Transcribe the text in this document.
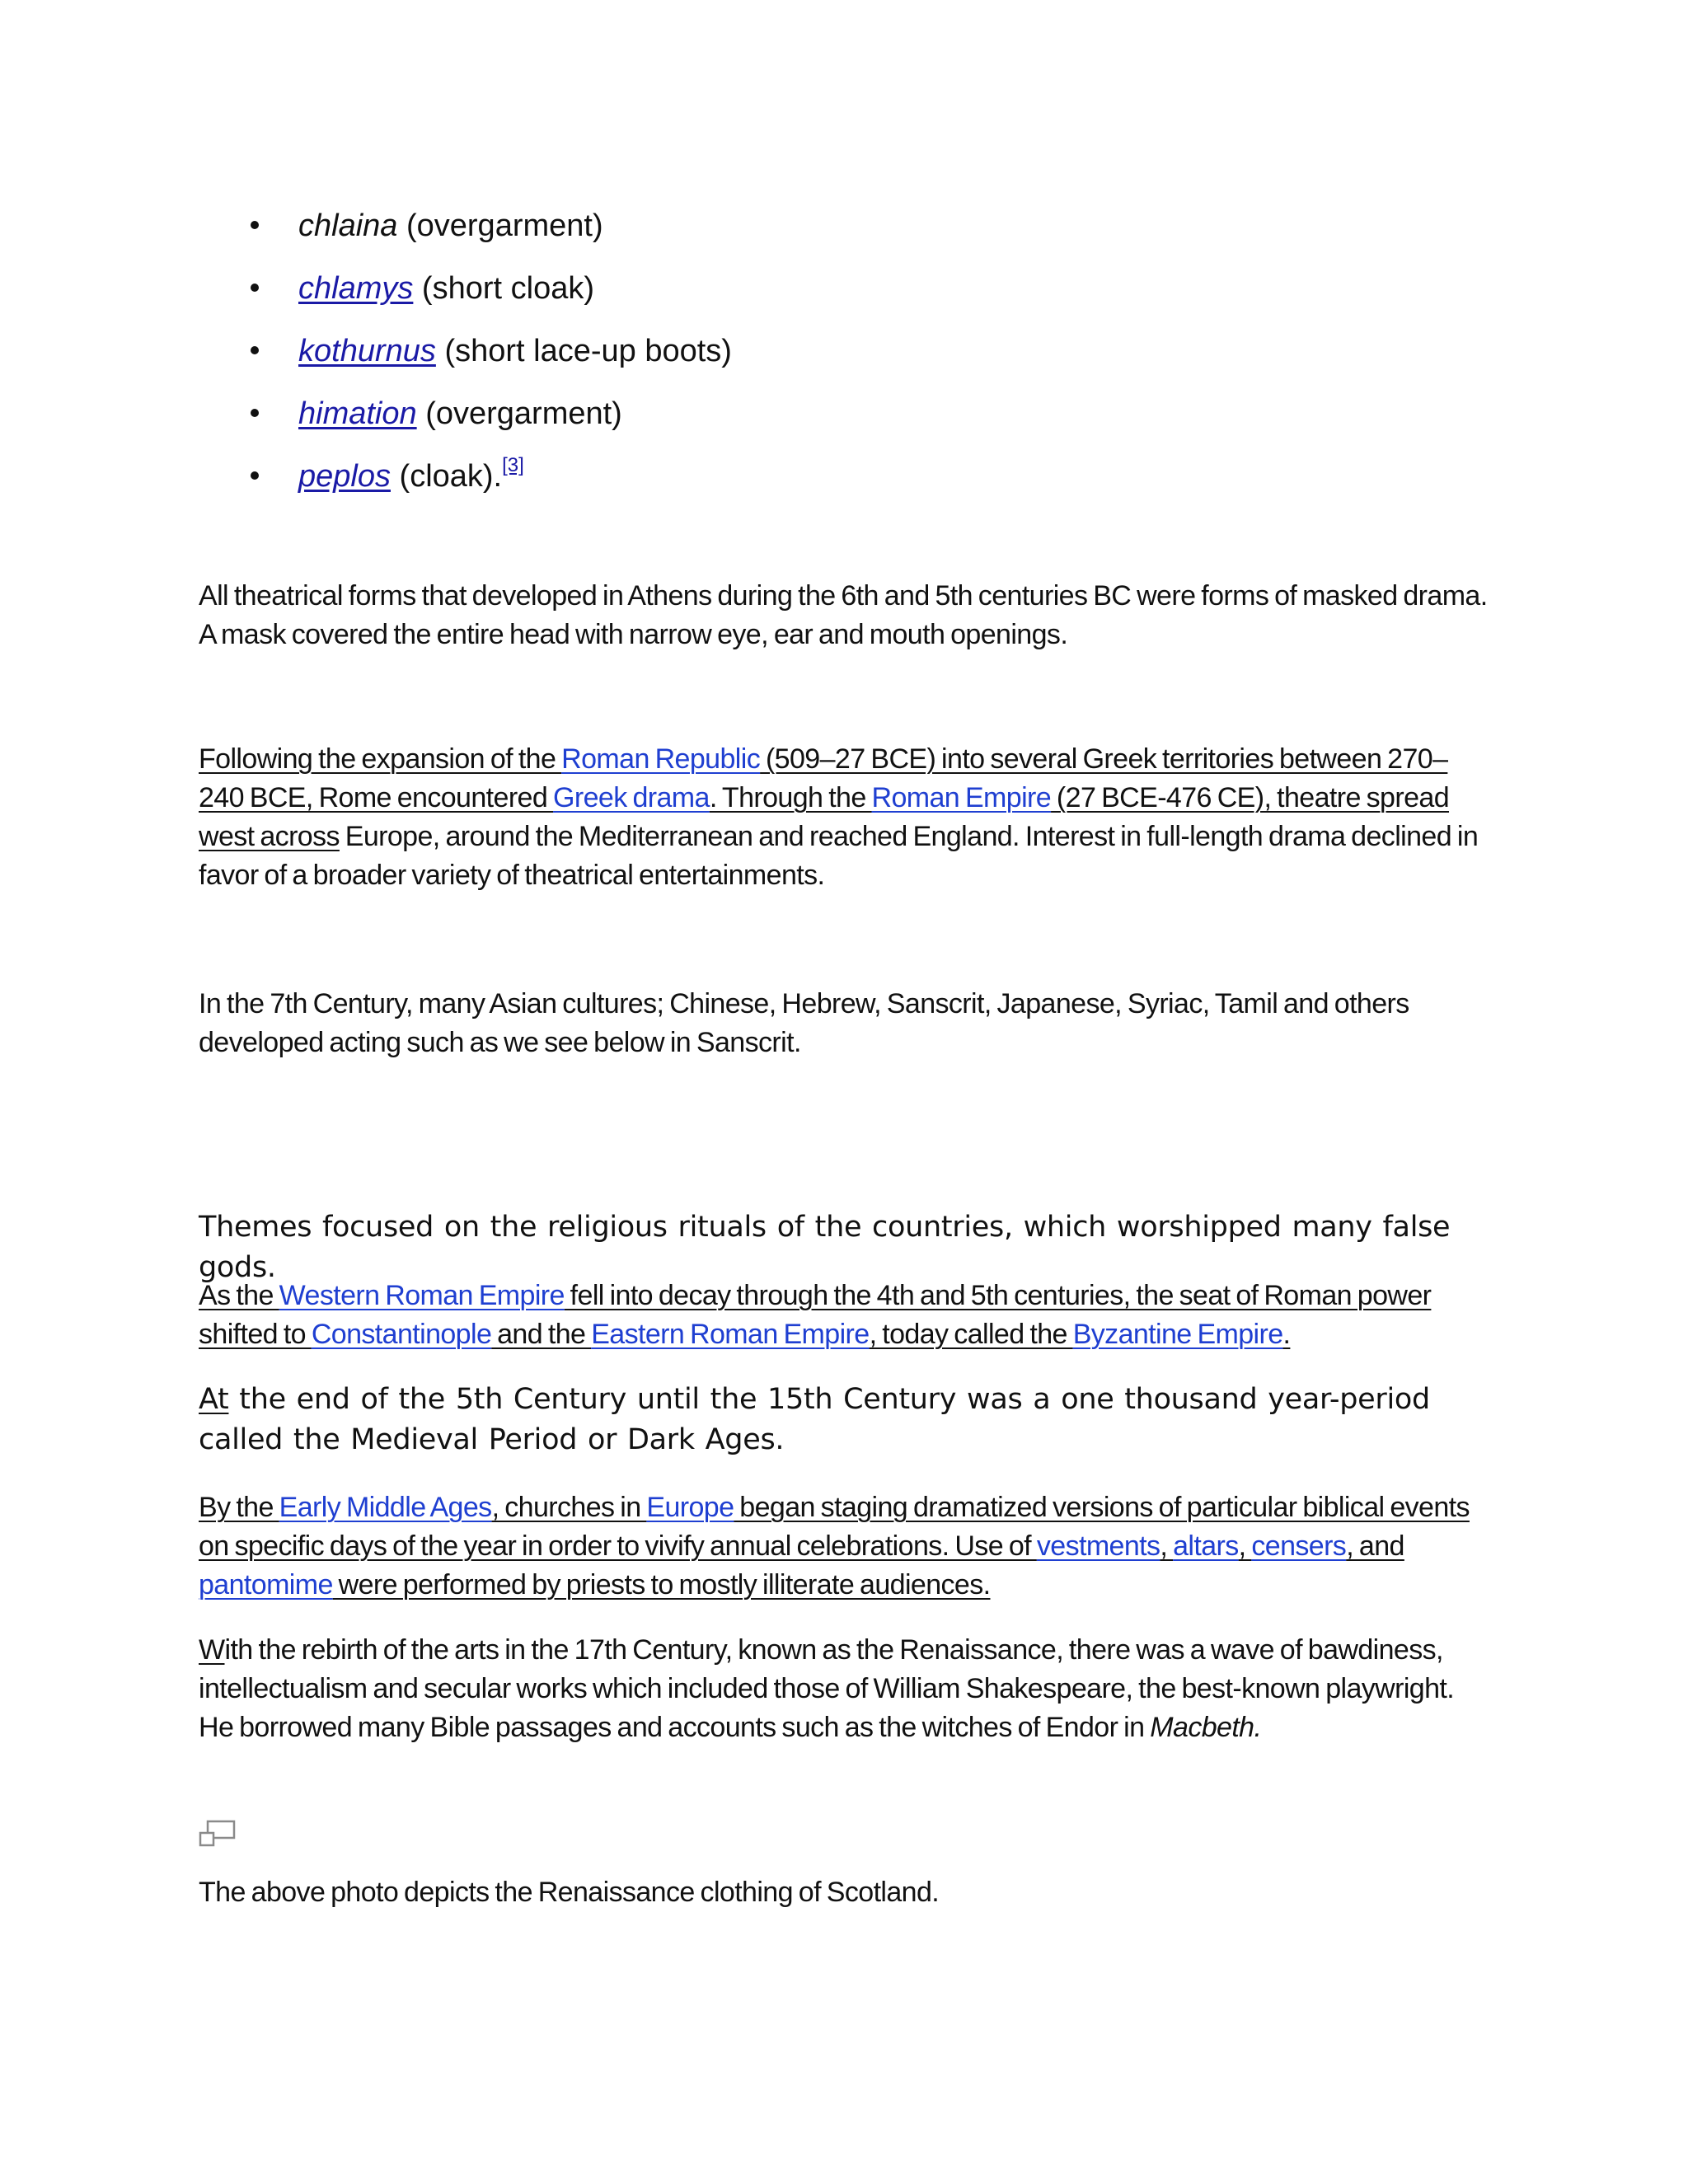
chlaina (overgarment)
chlamys (short cloak)
kothurnus (short lace-up boots)
himation (overgarment)
peplos (cloak).[3]

All theatrical forms that developed in Athens during the 6th and 5th centuries BC were forms of masked drama. A mask covered the entire head with narrow eye, ear and mouth openings.

Following the expansion of the Roman Republic (509–27 BCE) into several Greek territories between 270–240 BCE, Rome encountered Greek drama. Through the Roman Empire (27 BCE-476 CE), theatre spread west across Europe, around the Mediterranean and reached England. Interest in full-length drama declined in favor of a broader variety of theatrical entertainments.

In the 7th Century, many Asian cultures; Chinese, Hebrew, Sanscrit, Japanese, Syriac, Tamil and others developed acting such as we see below in Sanscrit.

Themes focused on the religious rituals of the countries, which worshipped many false gods.

As the Western Roman Empire fell into decay through the 4th and 5th centuries, the seat of Roman power shifted to Constantinople and the Eastern Roman Empire, today called the Byzantine Empire.

At the end of the 5th Century until the 15th Century was a one thousand year-period called the Medieval Period or Dark Ages.

By the Early Middle Ages, churches in Europe began staging dramatized versions of particular biblical events on specific days of the year in order to vivify annual celebrations. Use of vestments, altars, censers, and pantomime were performed by priests to mostly illiterate audiences.

With the rebirth of the arts in the 17th Century, known as the Renaissance, there was a wave of bawdiness, intellectualism and secular works which included those of William Shakespeare, the best-known playwright. He borrowed many Bible passages and accounts such as the witches of Endor in Macbeth.

The above photo depicts the Renaissance clothing of Scotland.
